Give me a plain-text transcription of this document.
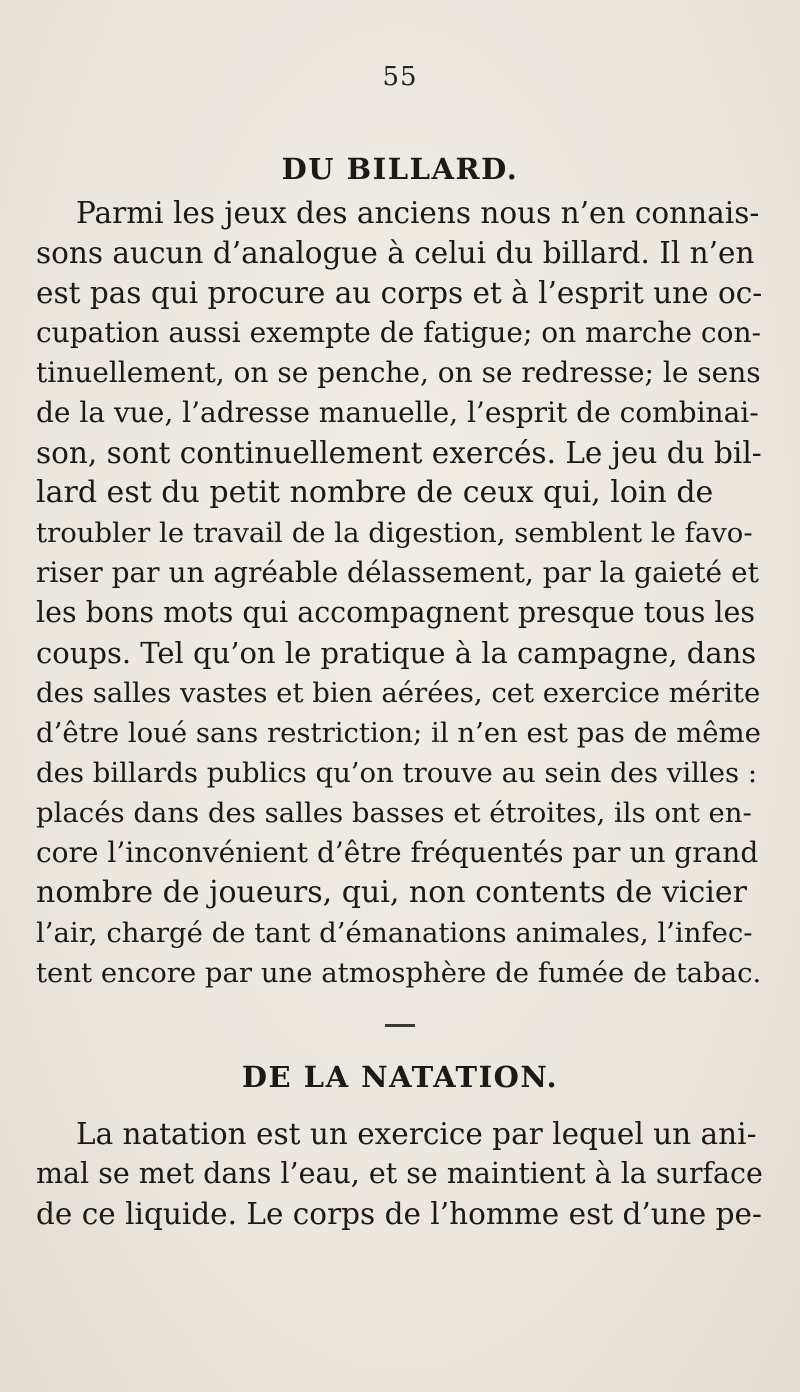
55
DU BILLARD.
Parmi les jeux des anciens nous n’en connais-
sons aucun d’analogue à celui du billard. Il n’en
est pas qui procure au corps et à l’esprit une oc-
cupation aussi exempte de fatigue; on marche con-
tinuellement, on se penche, on se redresse; le sens
de la vue, l’adresse manuelle, l’esprit de combinai-
son, sont continuellement exercés. Le jeu du bil-
lard est du petit nombre de ceux qui, loin de
troubler le travail de la digestion, semblent le favo-
riser par un agréable délassement, par la gaieté et
les bons mots qui accompagnent presque tous les
coups. Tel qu’on le pratique à la campagne, dans
des salles vastes et bien aérées, cet exercice mérite
d’être loué sans restriction; il n’en est pas de même
des billards publics qu’on trouve au sein des villes :
placés dans des salles basses et étroites, ils ont en-
core l’inconvénient d’être fréquentés par un grand
nombre de joueurs, qui, non contents de vicier
l’air, chargé de tant d’émanations animales, l’infec-
tent encore par une atmosphère de fumée de tabac.
DE LA NATATION.
La natation est un exercice par lequel un ani-
mal se met dans l’eau, et se maintient à la surface
de ce liquide. Le corps de l’homme est d’une pe-
